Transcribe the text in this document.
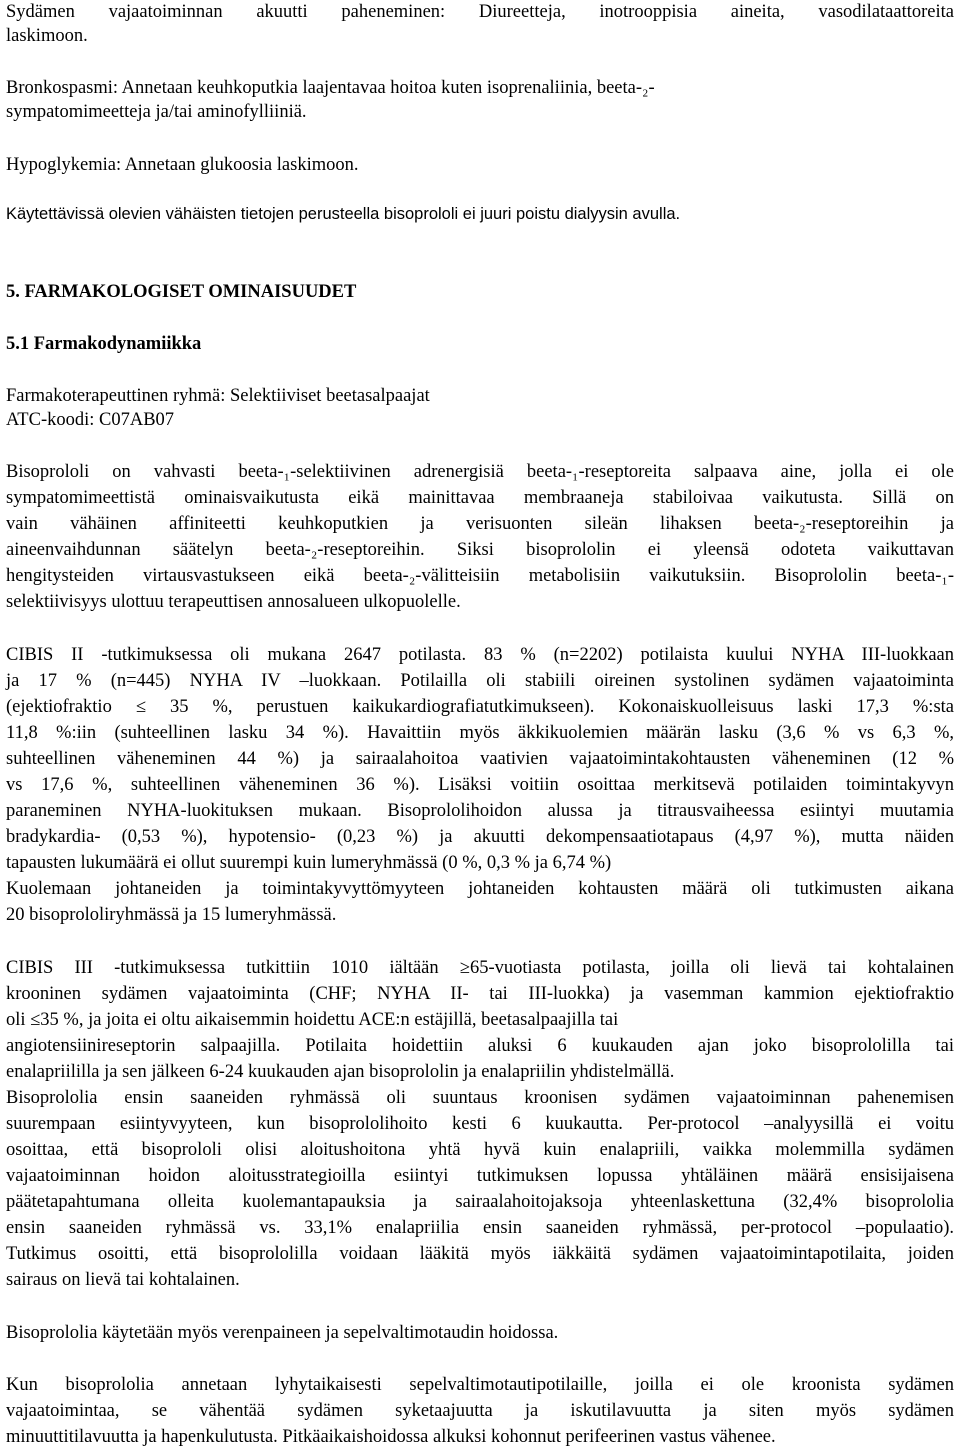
Sydämen vajaatoiminnan akuutti paheneminen: Diureetteja, inotrooppisia aineita, vasodilataattoreita
laskimoon.
Bronkospasmi: Annetaan keuhkoputkia laajentavaa hoitoa kuten isoprenaliinia, beeta-₂-
sympatomimeetteja ja/tai aminofylliiniä.
Hypoglykemia: Annetaan glukoosia laskimoon.
Käytettävissä olevien vähäisten tietojen perusteella bisoprololi ei juuri poistu dialyysin avulla.
5. FARMAKOLOGISET OMINAISUUDET
5.1 Farmakodynamiikka
Farmakoterapeuttinen ryhmä: Selektiiviset beetasalpaajat
ATC-koodi: C07AB07
Bisoprololi on vahvasti beeta-₁-selektiivinen adrenergisiä beeta-₁-reseptoreita salpaava aine, jolla ei ole
sympatomimeettistä ominaisvaikutusta eikä mainittavaa membraaneja stabiloivaa vaikutusta. Sillä on
vain vähäinen affiniteetti keuhkoputkien ja verisuonten sileän lihaksen beeta-₂-reseptoreihin ja
aineenvaihdunnan säätelyn beeta-₂-reseptoreihin. Siksi bisoprololin ei yleensä odoteta vaikuttavan
hengitysteiden virtausvastukseen eikä beeta-₂-välitteisiin metabolisiin vaikutuksiin. Bisoprololin beeta-₁-
selektiivisyys ulottuu terapeuttisen annosalueen ulkopuolelle.
CIBIS II -tutkimuksessa oli mukana 2647 potilasta. 83 % (n=2202) potilaista kuului NYHA III-luokkaan
ja 17 % (n=445) NYHA IV –luokkaan. Potilailla oli stabiili oireinen systolinen sydämen vajaatoiminta
(ejektiofraktio ≤ 35 %, perustuen kaikukardiografiatutkimukseen). Kokonaiskuolleisuus laski 17,3 %:sta
11,8 %:iin (suhteellinen lasku 34 %). Havaittiin myös äkkikuolemien määrän lasku (3,6 % vs 6,3 %,
suhteellinen väheneminen 44 %) ja sairaalahoitoa vaativien vajaatoimintakohtausten väheneminen (12 %
vs 17,6 %, suhteellinen väheneminen 36 %). Lisäksi voitiin osoittaa merkitsevä potilaiden toimintakyvyn
paraneminen NYHA-luokituksen mukaan. Bisoprololihoidon alussa ja titrausvaiheessa esiintyi muutamia
bradykardia- (0,53 %), hypotensio- (0,23 %) ja akuutti dekompensaatiotapaus (4,97 %), mutta näiden
tapausten lukumäärä ei ollut suurempi kuin lumeryhmässä (0 %, 0,3 % ja 6,74 %)
Kuolemaan johtaneiden ja toimintakyvyttömyyteen johtaneiden kohtausten määrä oli tutkimusten aikana
20 bisoprololiryhmässä ja 15 lumeryhmässä.
CIBIS III -tutkimuksessa tutkittiin 1010 iältään ≥65-vuotiasta potilasta, joilla oli lievä tai kohtalainen
krooninen sydämen vajaatoiminta (CHF; NYHA II- tai III-luokka) ja vasemman kammion ejektiofraktio
oli ≤35 %, ja joita ei oltu aikaisemmin hoidettu ACE:n estäjillä, beetasalpaajilla tai
angiotensiinireseptorin salpaajilla. Potilaita hoidettiin aluksi 6 kuukauden ajan joko bisoprololilla tai
enalapriililla ja sen jälkeen 6-24 kuukauden ajan bisoprololin ja enalapriilin yhdistelmällä.
Bisoprololia ensin saaneiden ryhmässä oli suuntaus kroonisen sydämen vajaatoiminnan pahenemisen
suurempaan esiintyvyyteen, kun bisoprololihoito kesti 6 kuukautta. Per-protocol –analyysillä ei voitu
osoittaa, että bisoprololi olisi aloitushoitona yhtä hyvä kuin enalapriili, vaikka molemmilla sydämen
vajaatoiminnan hoidon aloitusstrategioilla esiintyi tutkimuksen lopussa yhtäläinen määrä ensisijaisena
päätetapahtumana olleita kuolemantapauksia ja sairaalahoitojaksoja yhteenlaskettuna (32,4% bisoprololia
ensin saaneiden ryhmässä vs. 33,1% enalapriilia ensin saaneiden ryhmässä, per-protocol –populaatio).
Tutkimus osoitti, että bisoprololilla voidaan lääkitä myös iäkkäitä sydämen vajaatoimintapotilaita, joiden
sairaus on lievä tai kohtalainen.
Bisoprololia käytetään myös verenpaineen ja sepelvaltimotaudin hoidossa.
Kun bisoprololia annetaan lyhytaikaisesti sepelvaltimotautipotilaille, joilla ei ole kroonista sydämen
vajaatoimintaa, se vähentää sydämen syketaajuutta ja iskutilavuutta ja siten myös sydämen
minuuttitilavuutta ja hapenkulutusta. Pitkäaikaishoidossa alkuksi kohonnut perifeerinen vastus vähenee.
